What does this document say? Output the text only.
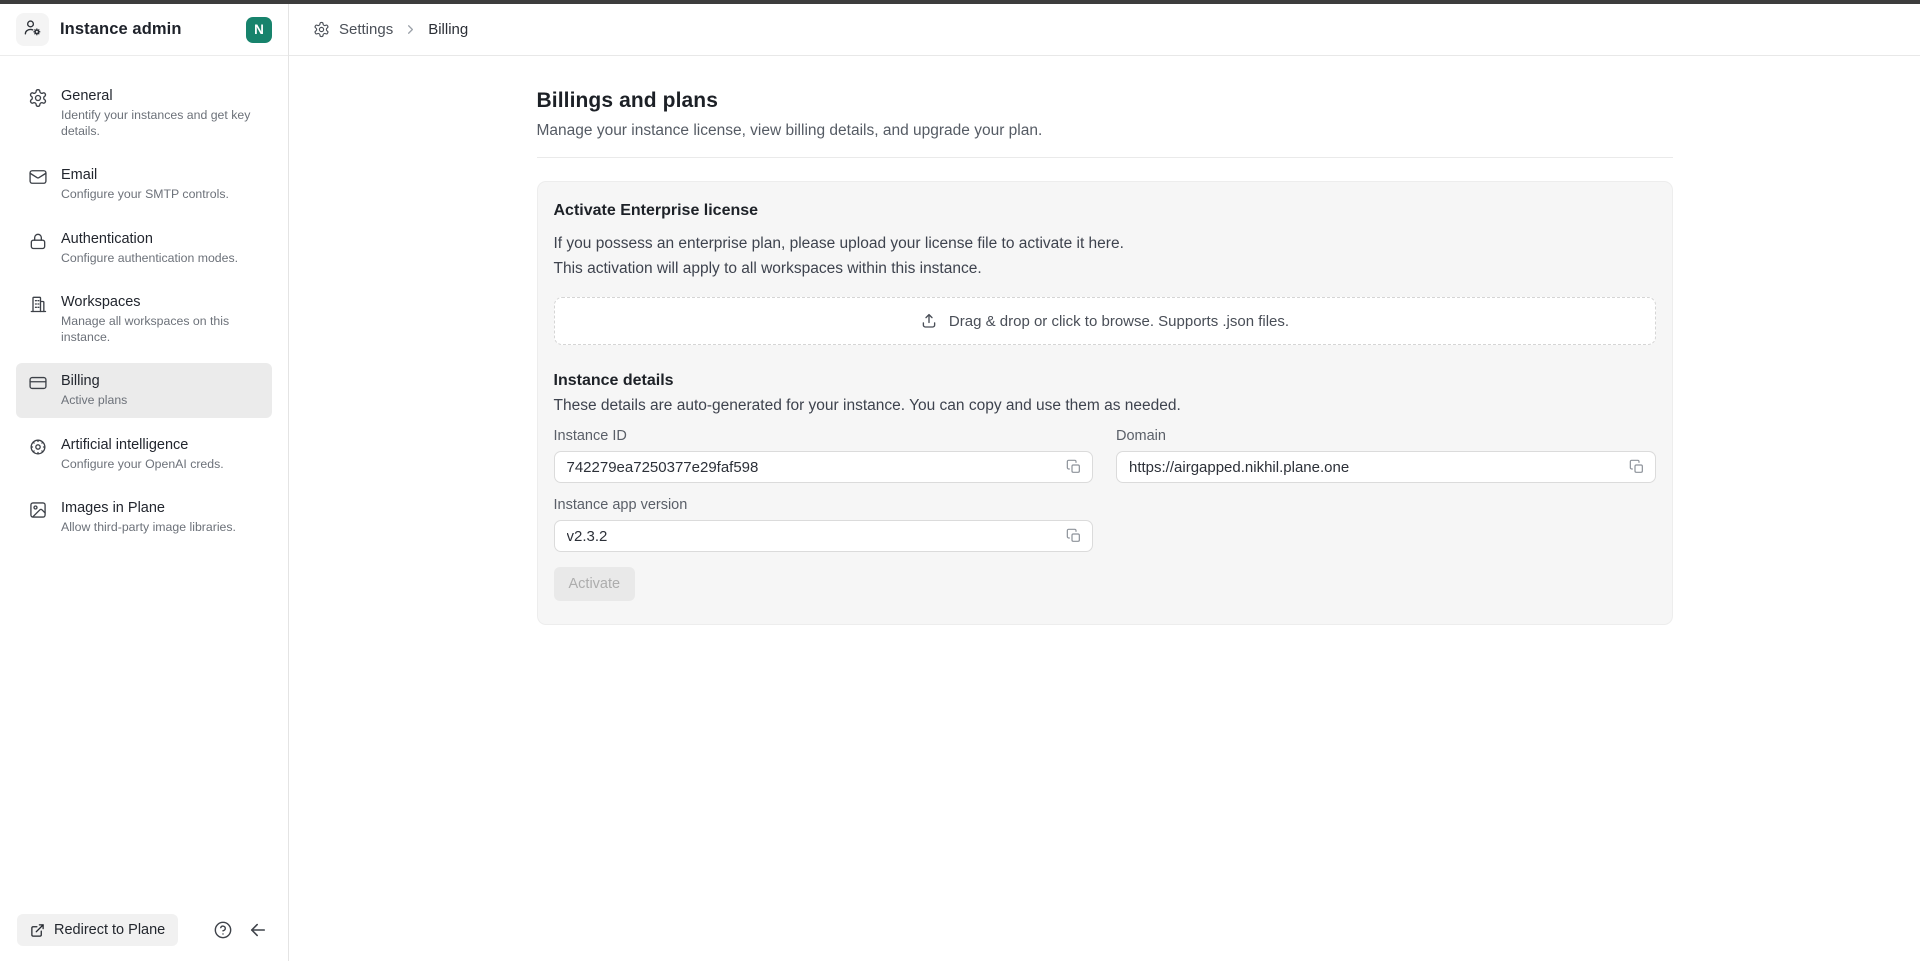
Instance admin	N
General
Identify your instances and get key details.
Email
Configure your SMTP controls.
Authentication
Configure authentication modes.
Workspaces
Manage all workspaces on this instance.
Billing
Active plans
Artificial intelligence
Configure your OpenAI creds.
Images in Plane
Allow third-party image libraries.
Redirect to Plane
Settings Billing
Billings and plans
Manage your instance license, view billing details, and upgrade your plan.
Activate Enterprise license
If you possess an enterprise plan, please upload your license file to activate it here.
This activation will apply to all workspaces within this instance.
Drag & drop or click to browse. Supports .json files.
Instance details
These details are auto-generated for your instance. You can copy and use them as needed.
Instance ID
742279ea7250377e29faf598	Domain
https://airgapped.nikhil.plane.one
Instance app version
v2.3.2
Activate
